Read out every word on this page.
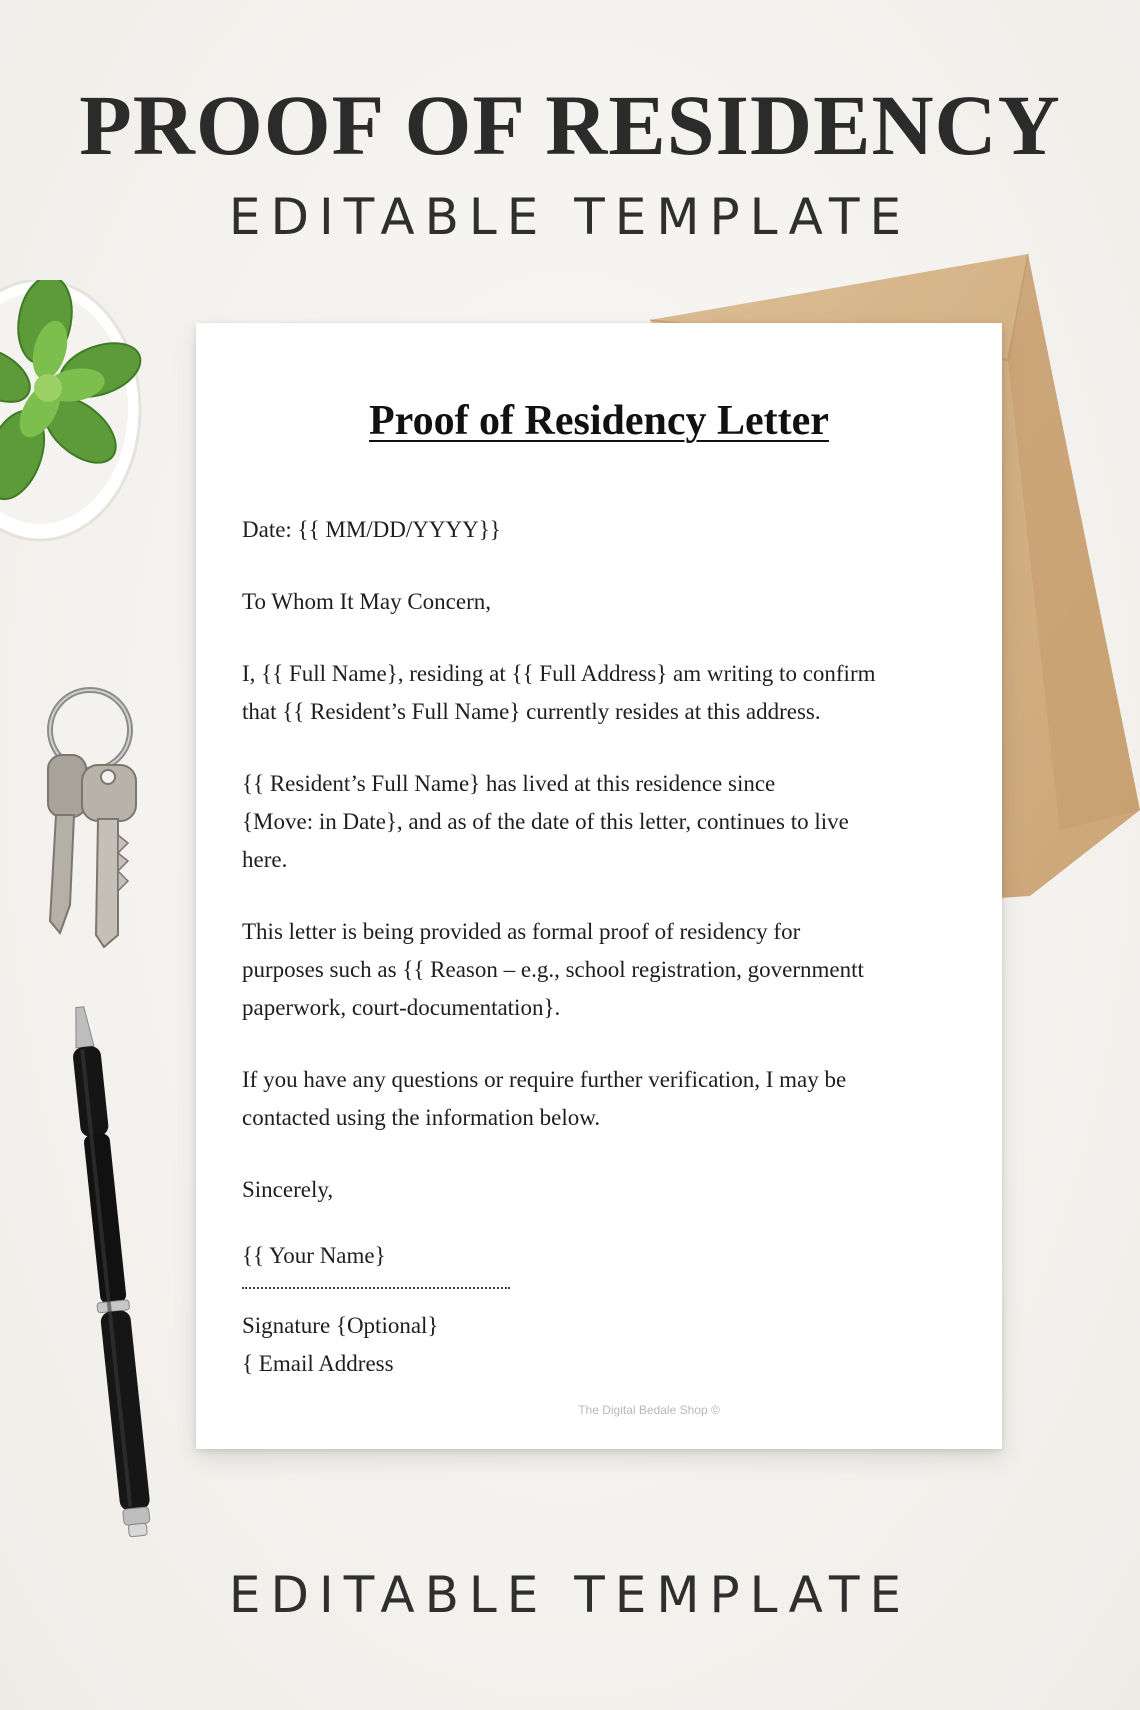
PROOF OF RESIDENCY
EDITABLE TEMPLATE
Proof of Residency Letter

Date: {{ MM/DD/YYYY}}

To Whom It May Concern,

I, {{ Full Name}, residing at {{ Full Address} am writing to confirm

that {{ Resident’s Full Name} currently resides at this address.

{{ Resident’s Full Name} has lived at this residence since

{Move: in Date}, and as of the date of this letter, continues to live

here.

This letter is being provided as formal proof of residency for

purposes such as {{ Reason – e.g., school registration, governmentt

paperwork, court-documentation}.

If you have any questions or require further verification, I may be

contacted using the information below.

Sincerely,

{{ Your Name}

Signature {Optional}

{ Email Address

The Digital Bedale Shop ©
EDITABLE TEMPLATE
